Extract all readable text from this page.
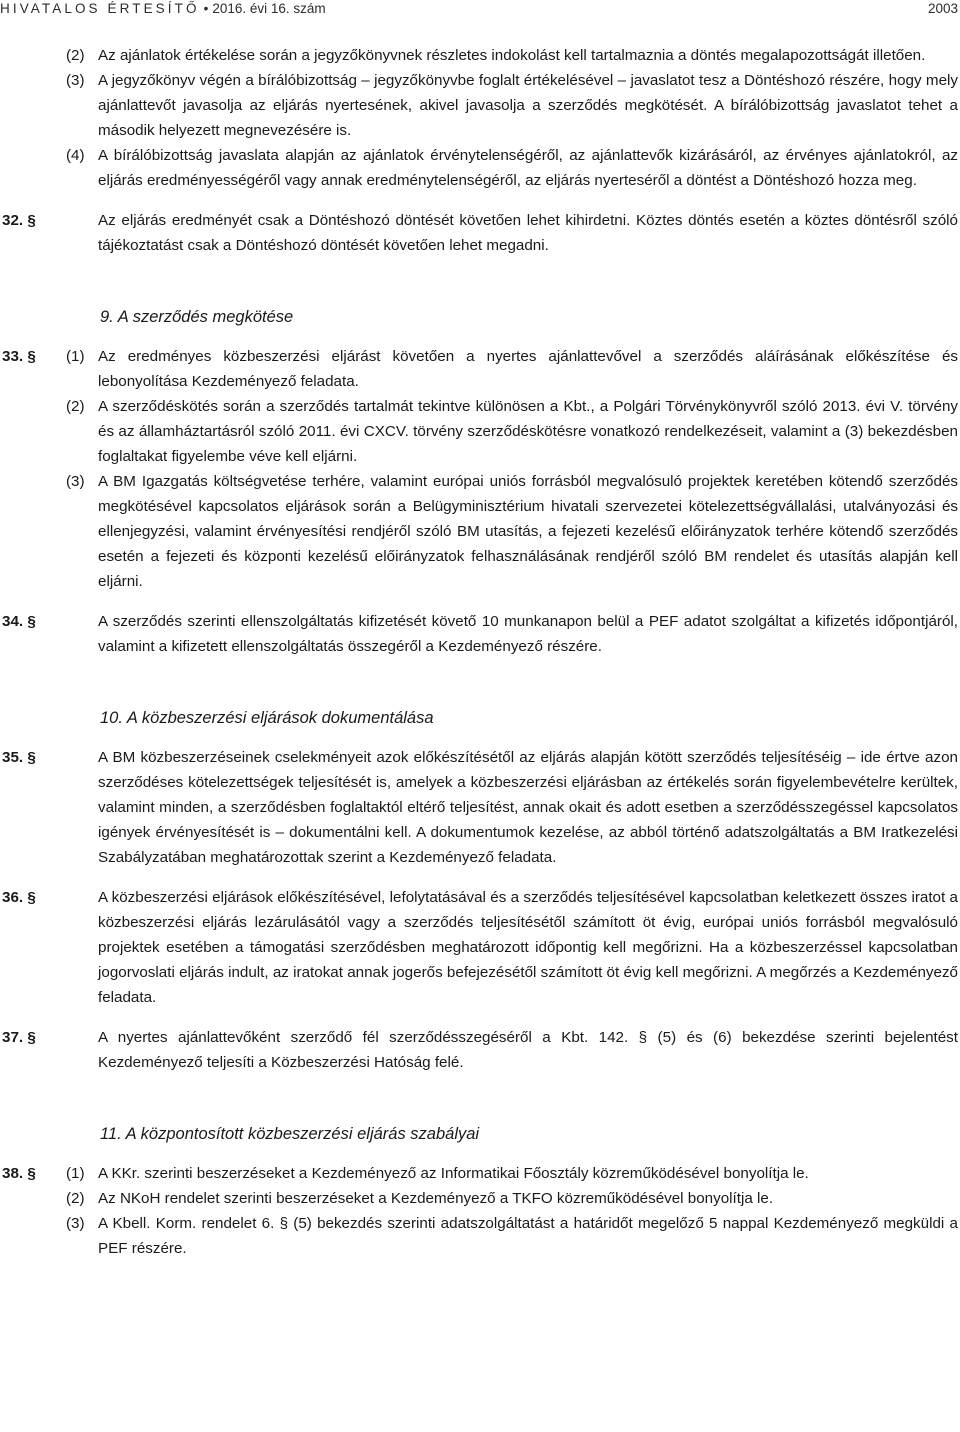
HIVATALOS ÉRTESÍTŐ • 2016. évi 16. szám	2003
(2) Az ajánlatok értékelése során a jegyzőkönyvnek részletes indokolást kell tartalmaznia a döntés megalapozottságát illetően.
(3) A jegyzőkönyv végén a bírálóbizottság – jegyzőkönyvbe foglalt értékelésével – javaslatot tesz a Döntéshozó részére, hogy mely ajánlattevőt javasolja az eljárás nyertesének, akivel javasolja a szerződés megkötését. A bírálóbizottság javaslatot tehet a második helyezett megnevezésére is.
(4) A bírálóbizottság javaslata alapján az ajánlatok érvénytelenségéről, az ajánlattevők kizárásáról, az érvényes ajánlatokról, az eljárás eredményességéről vagy annak eredménytelenségéről, az eljárás nyerteséről a döntést a Döntéshozó hozza meg.
32. §	Az eljárás eredményét csak a Döntéshozó döntését követően lehet kihirdetni. Köztes döntés esetén a köztes döntésről szóló tájékoztatást csak a Döntéshozó döntését követően lehet megadni.
9. A szerződés megkötése
33. § (1) Az eredményes közbeszerzési eljárást követően a nyertes ajánlattevővel a szerződés aláírásának előkészítése és lebonyolítása Kezdeményező feladata.
(2) A szerződéskötés során a szerződés tartalmát tekintve különösen a Kbt., a Polgári Törvénykönyvről szóló 2013. évi V. törvény és az államháztartásról szóló 2011. évi CXCV. törvény szerződéskötésre vonatkozó rendelkezéseit, valamint a (3) bekezdésben foglaltakat figyelembe véve kell eljárni.
(3) A BM Igazgatás költségvetése terhére, valamint európai uniós forrásból megvalósuló projektek keretében kötendő szerződés megkötésével kapcsolatos eljárások során a Belügyminisztérium hivatali szervezetei kötelezettségvállalási, utalványozási és ellenjegyzési, valamint érvényesítési rendjéről szóló BM utasítás, a fejezeti kezelésű előirányzatok terhére kötendő szerződés esetén a fejezeti és központi kezelésű előirányzatok felhasználásának rendjéről szóló BM rendelet és utasítás alapján kell eljárni.
34. §	A szerződés szerinti ellenszolgáltatás kifizetését követő 10 munkanapon belül a PEF adatot szolgáltat a kifizetés időpontjáról, valamint a kifizetett ellenszolgáltatás összegéről a Kezdeményező részére.
10. A közbeszerzési eljárások dokumentálása
35. §	A BM közbeszerzéseinek cselekményeit azok előkészítésétől az eljárás alapján kötött szerződés teljesítéséig – ide értve azon szerződéses kötelezettségek teljesítését is, amelyek a közbeszerzési eljárásban az értékelés során figyelembevételre kerültek, valamint minden, a szerződésben foglaltaktól eltérő teljesítést, annak okait és adott esetben a szerződésszegéssel kapcsolatos igények érvényesítését is – dokumentálni kell. A dokumentumok kezelése, az abból történő adatszolgáltatás a BM Iratkezelési Szabályzatában meghatározottak szerint a Kezdeményező feladata.
36. §	A közbeszerzési eljárások előkészítésével, lefolytatásával és a szerződés teljesítésével kapcsolatban keletkezett összes iratot a közbeszerzési eljárás lezárulásától vagy a szerződés teljesítésétől számított öt évig, európai uniós forrásból megvalósuló projektek esetében a támogatási szerződésben meghatározott időpontig kell megőrizni. Ha a közbeszerzéssel kapcsolatban jogorvoslati eljárás indult, az iratokat annak jogerős befejezésétől számított öt évig kell megőrizni. A megőrzés a Kezdeményező feladata.
37. §	A nyertes ajánlattevőként szerződő fél szerződésszegéséről a Kbt. 142. § (5) és (6) bekezdése szerinti bejelentést Kezdeményező teljesíti a Közbeszerzési Hatóság felé.
11. A központosított közbeszerzési eljárás szabályai
38. § (1) A KKr. szerinti beszerzéseket a Kezdeményező az Informatikai Főosztály közreműködésével bonyolítja le.
(2) Az NKoH rendelet szerinti beszerzéseket a Kezdeményező a TKFO közreműködésével bonyolítja le.
(3) A Kbell. Korm. rendelet 6. § (5) bekezdés szerinti adatszolgáltatást a határidőt megelőző 5 nappal Kezdeményező megküldi a PEF részére.
